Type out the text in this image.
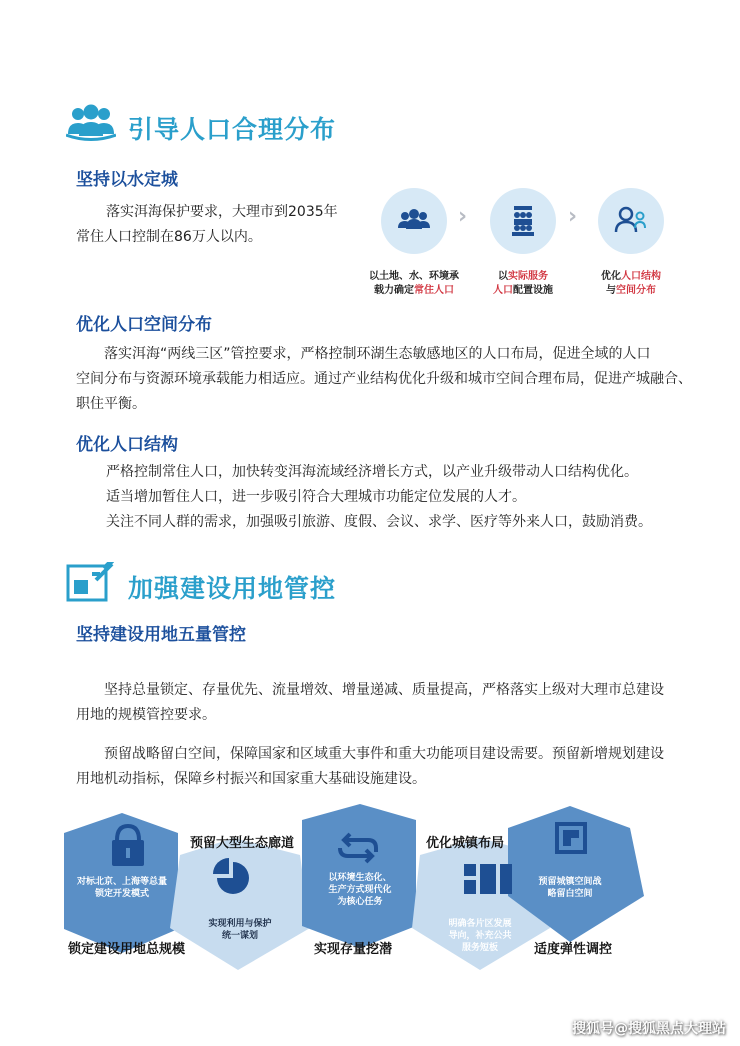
引导人口合理分布
坚持以水定城
落实洱海保护要求，大理市到2035年
常住人口控制在86万人以内。
›	›
以土地、水、环境承
载力确定常住人口
以实际服务
人口配置设施
优化人口结构
与空间分布
优化人口空间分布
落实洱海“两线三区”管控要求，严格控制环湖生态敏感地区的人口布局，促进全域的人口
空间分布与资源环境承载能力相适应。通过产业结构优化升级和城市空间合理布局，促进产城融合、
职住平衡。
优化人口结构
严格控制常住人口，加快转变洱海流域经济增长方式，以产业升级带动人口结构优化。
适当增加暂住人口，进一步吸引符合大理城市功能定位发展的人才。
关注不同人群的需求，加强吸引旅游、度假、会议、求学、医疗等外来人口，鼓励消费。
加强建设用地管控
坚持建设用地五量管控
坚持总量锁定、存量优先、流量增效、增量递减、质量提高，严格落实上级对大理市总建设
用地的规模管控要求。
预留战略留白空间，保障国家和区域重大事件和重大功能项目建设需要。预留新增规划建设
用地机动指标，保障乡村振兴和国家重大基础设施建设。
对标北京、上海等总量
锁定开发模式
实现利用与保护
统一谋划
以环境生态化、
生产方式现代化
为核心任务
明确各片区发展
导向，补充公共
服务短板
预留城镇空间战
略留白空间
锁定建设用地总规模
预留大型生态廊道
实现存量挖潜
优化城镇布局
适度弹性调控
搜狐号@搜狐黑点大理站
